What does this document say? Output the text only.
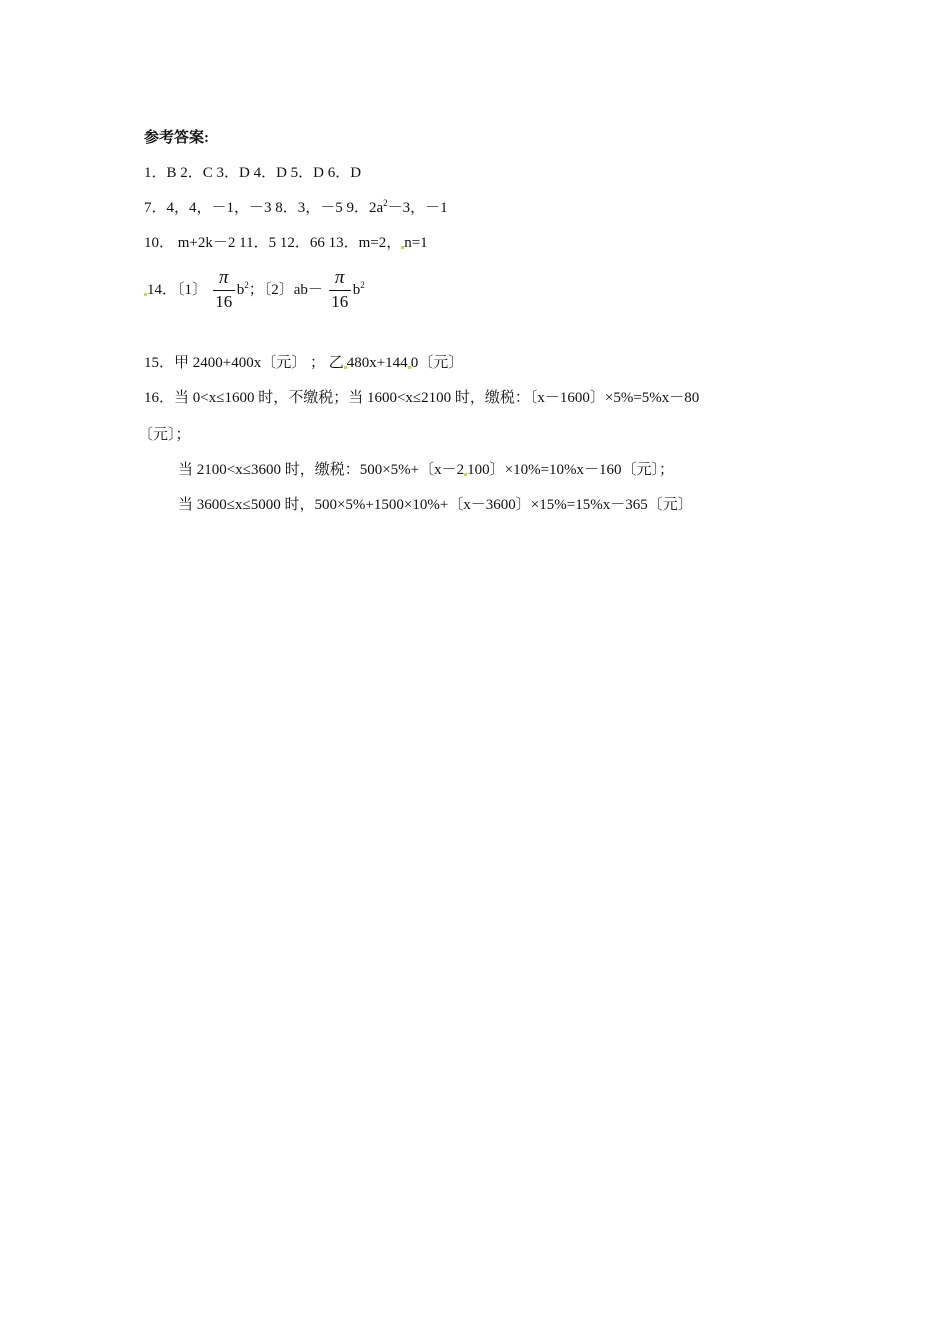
参考答案:
1．B 2．C 3．D 4．D 5．D 6．D
7．4，4，－1，－3 8．3，－5 9．$2a^2-3$，－1
10． m+2k－2 11．5 12．66 13．m=2， n=1
14．〔1〕 $\frac{\pi}{16} b^2$；〔2〕$ab- \frac{\pi}{16} b^2$
15．甲 2400+400x〔元〕 ； 乙 480x+144 0〔元〕
16．当 0<x≤1600 时，不缴税；当 1600<x≤2100 时，缴税：〔x－1600〕×5%=5%x－80
〔元〕；
当 2100<x≤3600 时，缴税：500×5%+〔x－2 100〕×10%=10%x－160〔元〕；
当 3600≤x≤5000 时，500×5%+1500×10%+〔x－3600〕×15%=15%x－365〔元〕
